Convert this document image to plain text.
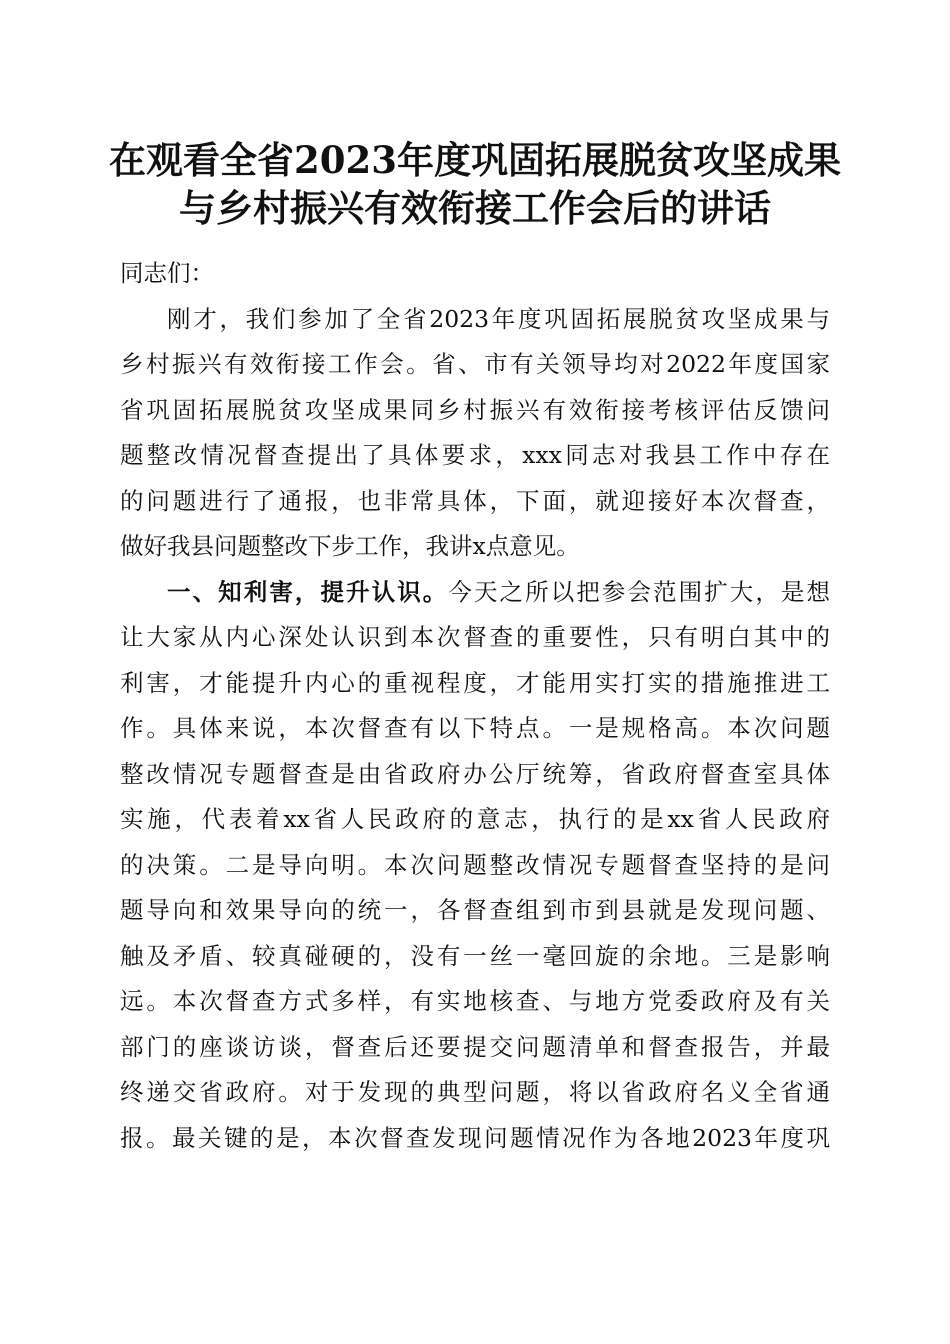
在观看全省2023年度巩固拓展脱贫攻坚成果
与乡村振兴有效衔接工作会后的讲话

同志们：

刚才，我们参加了全省2023年度巩固拓展脱贫攻坚成果与
乡村振兴有效衔接工作会。省、市有关领导均对2022年度国家
省巩固拓展脱贫攻坚成果同乡村振兴有效衔接考核评估反馈问
题整改情况督查提出了具体要求，xxx同志对我县工作中存在
的问题进行了通报，也非常具体，下面，就迎接好本次督查，
做好我县问题整改下步工作，我讲x点意见。

一、知利害，提升认识。今天之所以把参会范围扩大，是想
让大家从内心深处认识到本次督查的重要性，只有明白其中的
利害，才能提升内心的重视程度，才能用实打实的措施推进工
作。具体来说，本次督查有以下特点。一是规格高。本次问题
整改情况专题督查是由省政府办公厅统筹，省政府督查室具体
实施，代表着xx省人民政府的意志，执行的是xx省人民政府
的决策。二是导向明。本次问题整改情况专题督查坚持的是问
题导向和效果导向的统一，各督查组到市到县就是发现问题、
触及矛盾、较真碰硬的，没有一丝一毫回旋的余地。三是影响
远。本次督查方式多样，有实地核查、与地方党委政府及有关
部门的座谈访谈，督查后还要提交问题清单和督查报告，并最
终递交省政府。对于发现的典型问题，将以省政府名义全省通
报。最关键的是，本次督查发现问题情况作为各地2023年度巩
